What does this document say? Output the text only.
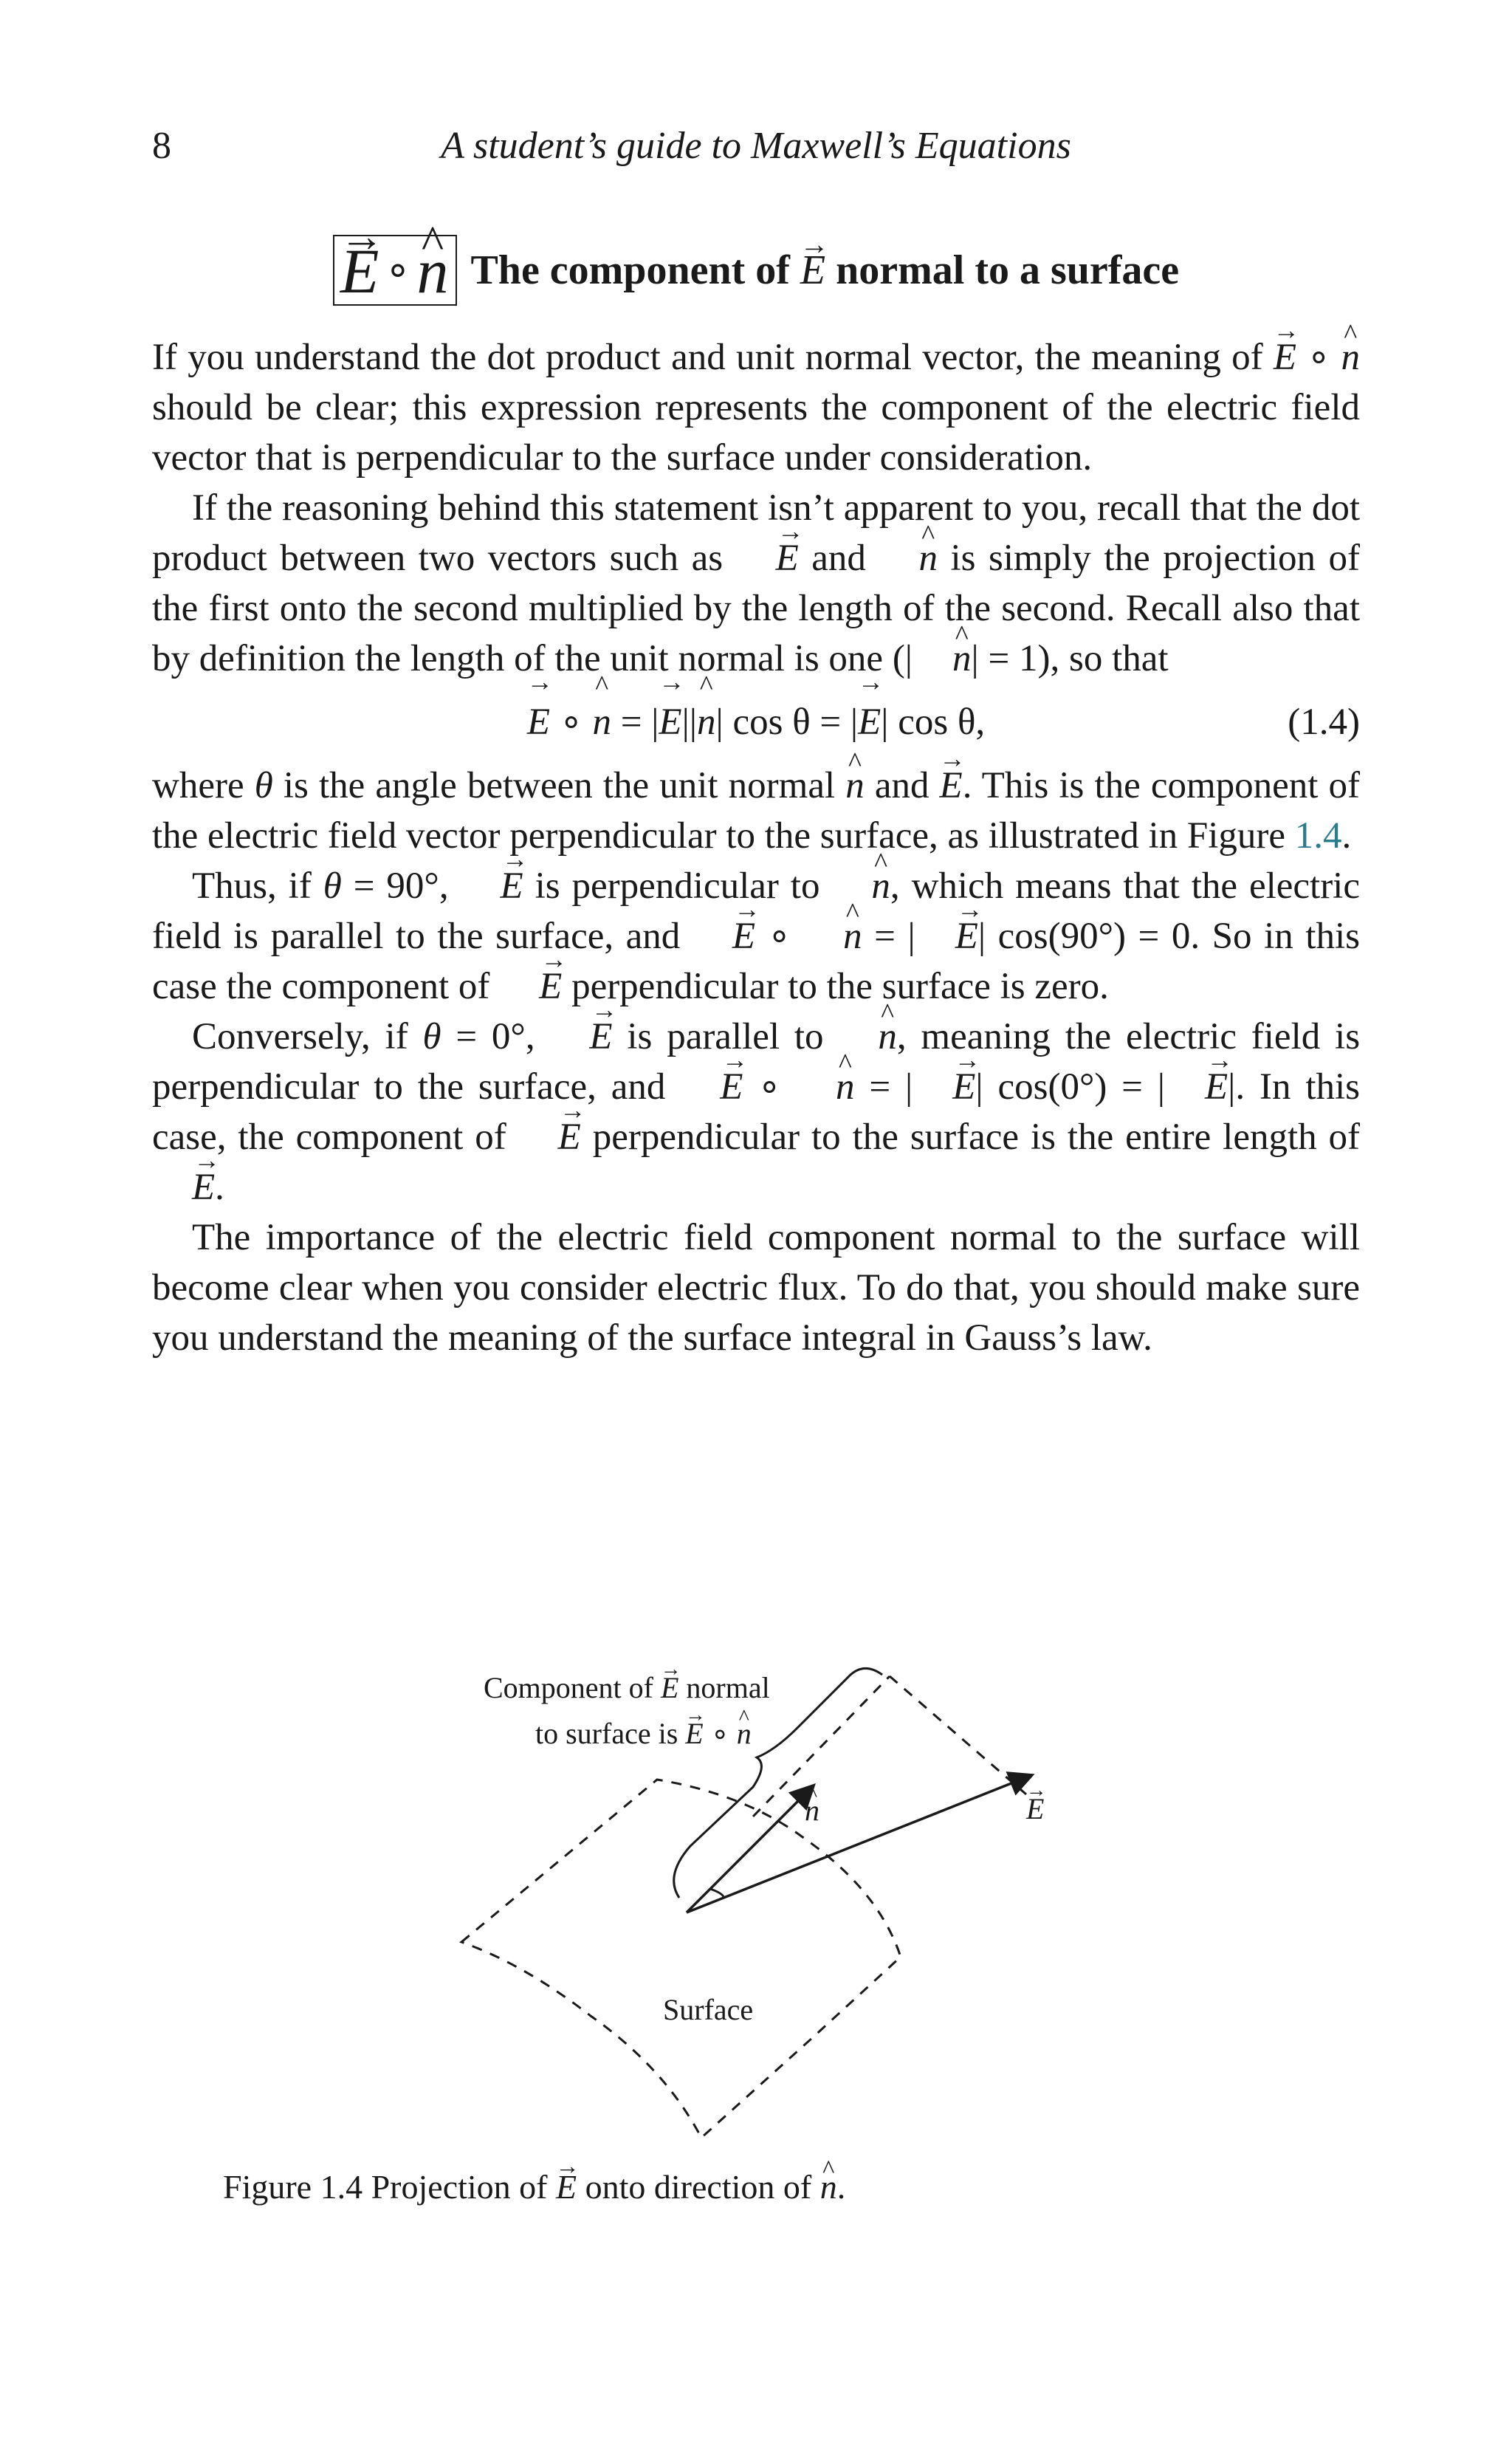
8	A student’s guide to Maxwell’s Equations
→ E ∘^ n The component of → E normal to a surface

If you understand the dot product and unit normal vector, the meaning of → E ∘ ^ n should be clear; this expression represents the component of the electric field vector that is perpendicular to the surface under consideration.

If the reasoning behind this statement isn’t apparent to you, recall that the dot product between two vectors such as → E and ^ n is simply the projection of the first onto the second multiplied by the length of the second. Recall also that by definition the length of the unit normal is one (| ^ n| = 1), so that

→ E ∘ ^ n = |→ E||^ n| cos θ = |→ E| cos θ,	(1.4)

where θ is the angle between the unit normal ^ n and → E. This is the component of the electric field vector perpendicular to the surface, as illustrated in Figure 1.4.

Thus, if θ = 90°, → E is perpendicular to ^ n, which means that the electric field is parallel to the surface, and → E ∘ ^ n = | → E| cos(90°) = 0. So in this case the component of → E perpendicular to the surface is zero.

Conversely, if θ = 0°, → E is parallel to ^ n, meaning the electric field is perpendicular to the surface, and → E ∘ ^ n = | → E| cos(0°) = | → E|. In this case, the component of → E perpendicular to the surface is the entire length of → E.

The importance of the electric field component normal to the surface will become clear when you consider electric flux. To do that, you should make sure you understand the meaning of the surface integral in Gauss’s law.

Component of → E normal
to surface is → E ∘ ^ n
^ n	→ E
Surface
Figure 1.4 Projection of → E onto direction of ^ n.
